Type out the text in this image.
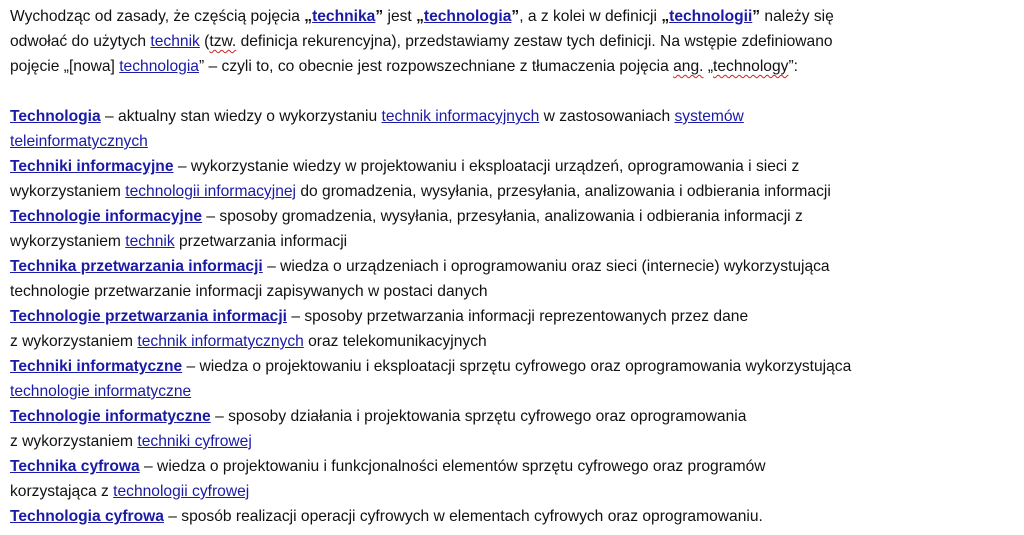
Wychodząc od zasady, że częścią pojęcia „technika” jest „technologia”, a z kolei w definicji „technologii” należy się
odwołać do użytych technik (tzw. definicja rekurencyjna), przedstawiamy zestaw tych definicji. Na wstępie zdefiniowano
pojęcie „[nowa] technologia” – czyli to, co obecnie jest rozpowszechniane z tłumaczenia pojęcia ang. „technology”:

Technologia – aktualny stan wiedzy o wykorzystaniu technik informacyjnych w zastosowaniach systemów
teleinformatycznych

Techniki informacyjne – wykorzystanie wiedzy w projektowaniu i eksploatacji urządzeń, oprogramowania i sieci z
wykorzystaniem technologii informacyjnej do gromadzenia, wysyłania, przesyłania, analizowania i odbierania informacji

Technologie informacyjne – sposoby gromadzenia, wysyłania, przesyłania, analizowania i odbierania informacji z
wykorzystaniem technik przetwarzania informacji

Technika przetwarzania informacji – wiedza o urządzeniach i oprogramowaniu oraz sieci (internecie) wykorzystująca
technologie przetwarzanie informacji zapisywanych w postaci danych

Technologie przetwarzania informacji – sposoby przetwarzania informacji reprezentowanych przez dane
z wykorzystaniem technik informatycznych oraz telekomunikacyjnych

Techniki informatyczne – wiedza o projektowaniu i eksploatacji sprzętu cyfrowego oraz oprogramowania wykorzystująca
technologie informatyczne

Technologie informatyczne – sposoby działania i projektowania sprzętu cyfrowego oraz oprogramowania
z wykorzystaniem techniki cyfrowej

Technika cyfrowa – wiedza o projektowaniu i funkcjonalności elementów sprzętu cyfrowego oraz programów
korzystająca z technologii cyfrowej

Technologia cyfrowa – sposób realizacji operacji cyfrowych w elementach cyfrowych oraz oprogramowaniu.
